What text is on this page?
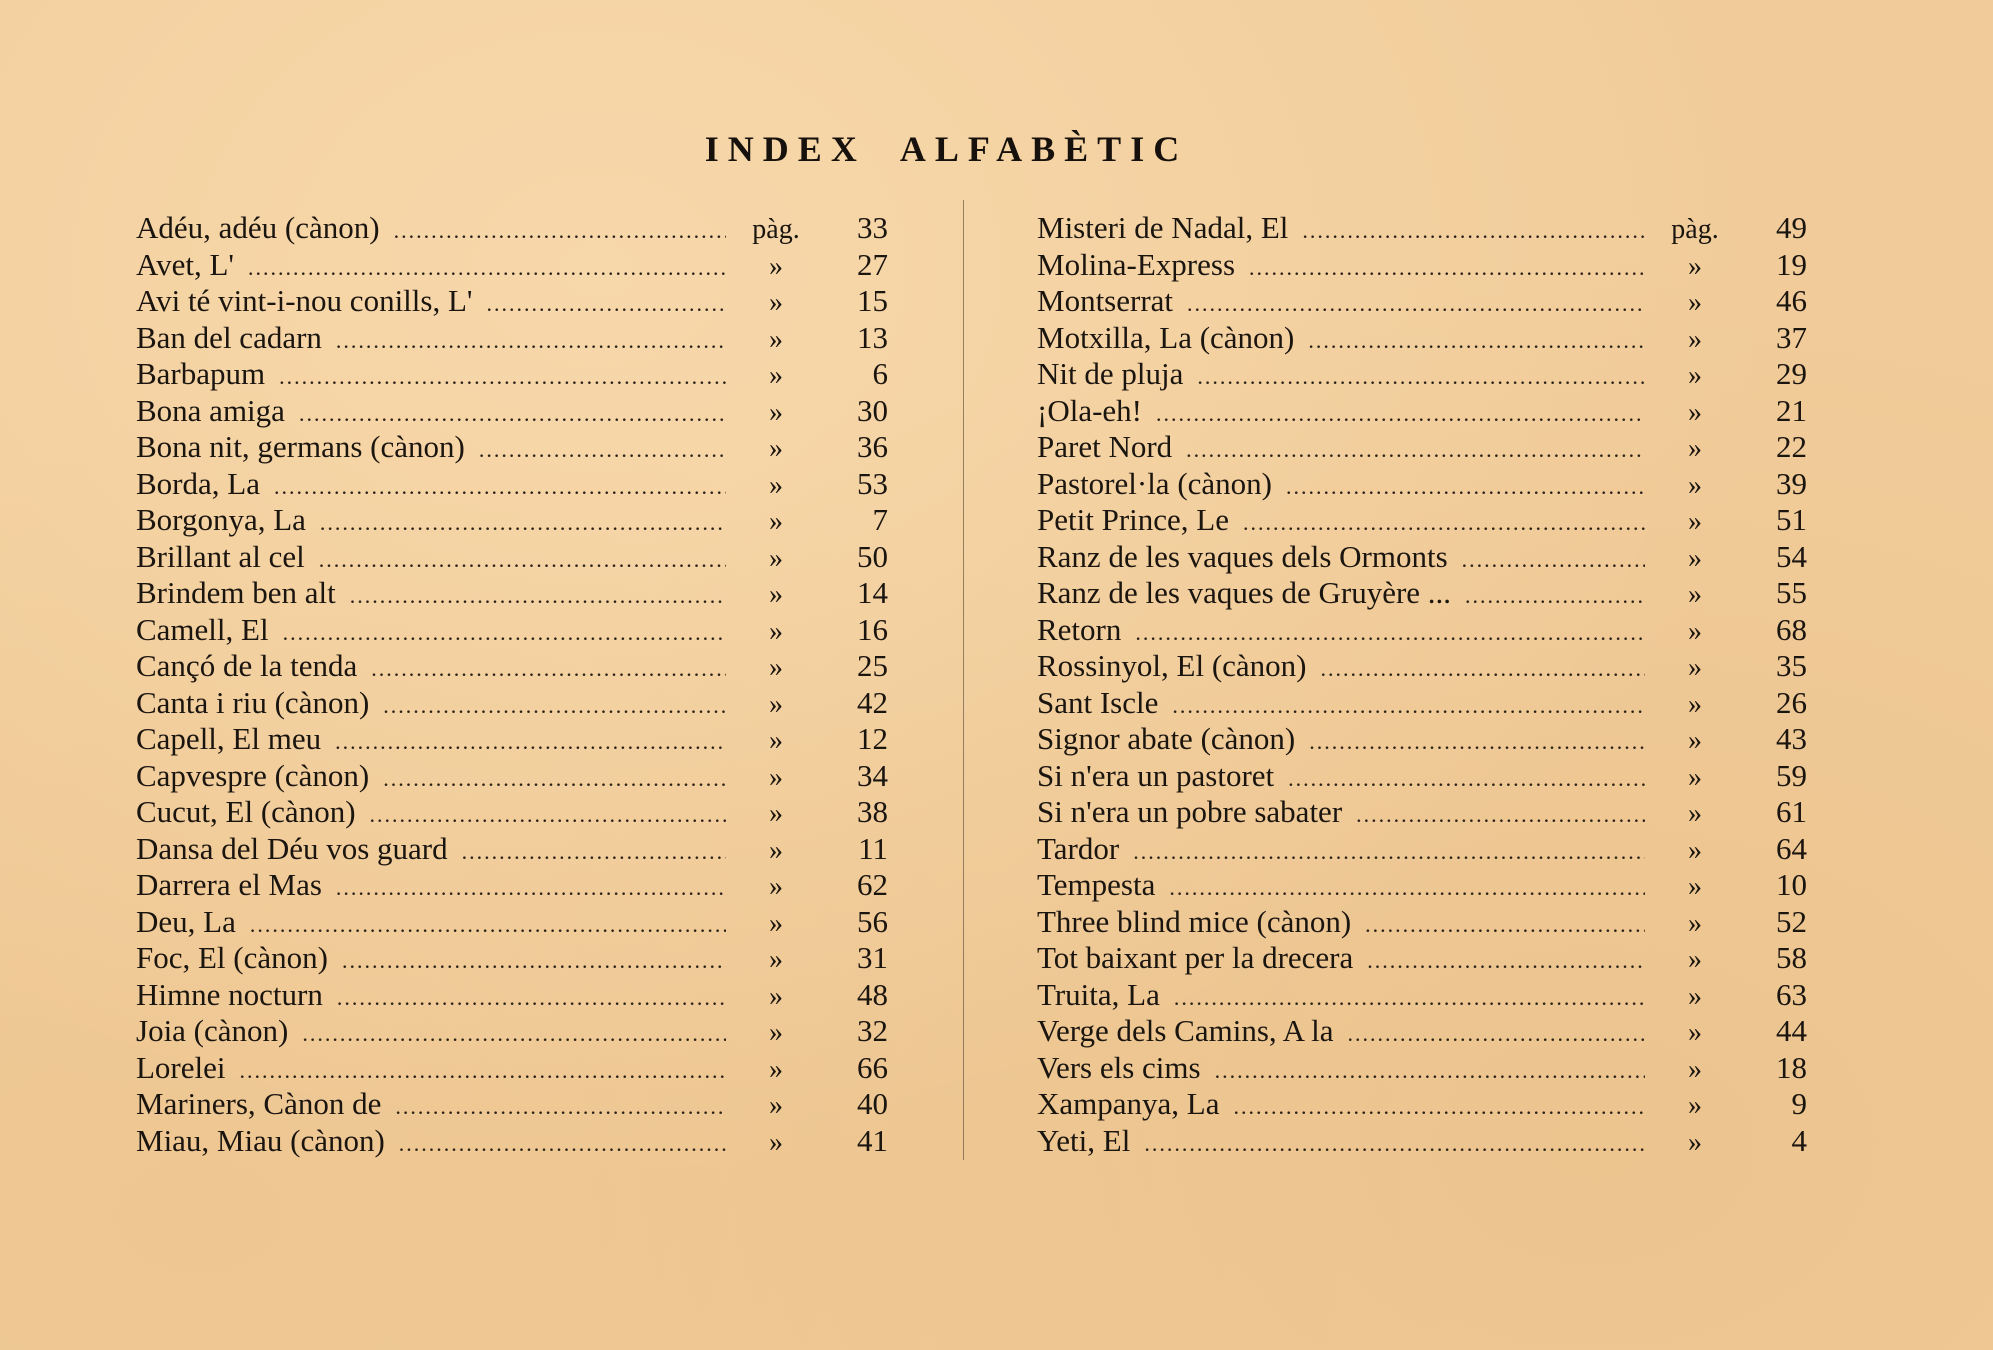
INDEX ALFABÈTIC
Adéu, adéu (cànon) .....	pàg.	33
Avet, L' .....	»	27
Avi té vint-i-nou conills, L' .....	»	15
Ban del cadarn .....	»	13
Barbapum .....	»	6
Bona amiga .....	»	30
Bona nit, germans (cànon) .....	»	36
Borda, La .....	»	53
Borgonya, La .....	»	7
Brillant al cel .....	»	50
Brindem ben alt .....	»	14
Camell, El .....	»	16
Cançó de la tenda .....	»	25
Canta i riu (cànon) .....	»	42
Capell, El meu .....	»	12
Capvespre (cànon) .....	»	34
Cucut, El (cànon) .....	»	38
Dansa del Déu vos guard .....	»	11
Darrera el Mas .....	»	62
Deu, La .....	»	56
Foc, El (cànon) .....	»	31
Himne nocturn .....	»	48
Joia (cànon) .....	»	32
Lorelei .....	»	66
Mariners, Cànon de .....	»	40
Miau, Miau (cànon) .....	»	41
Misteri de Nadal, El .....	pàg.	49
Molina-Express .....	»	19
Montserrat .....	»	46
Motxilla, La (cànon) .....	»	37
Nit de pluja .....	»	29
¡Ola-eh! .....	»	21
Paret Nord .....	»	22
Pastorel·la (cànon) .....	»	39
Petit Prince, Le .....	»	51
Ranz de les vaques dels Ormonts .....	»	54
Ranz de les vaques de Gruyère ... .....	»	55
Retorn .....	»	68
Rossinyol, El (cànon) .....	»	35
Sant Iscle .....	»	26
Signor abate (cànon) .....	»	43
Si n'era un pastoret .....	»	59
Si n'era un pobre sabater .....	»	61
Tardor .....	»	64
Tempesta .....	»	10
Three blind mice (cànon) .....	»	52
Tot baixant per la drecera .....	»	58
Truita, La .....	»	63
Verge dels Camins, A la .....	»	44
Vers els cims .....	»	18
Xampanya, La .....	»	9
Yeti, El .....	»	4
